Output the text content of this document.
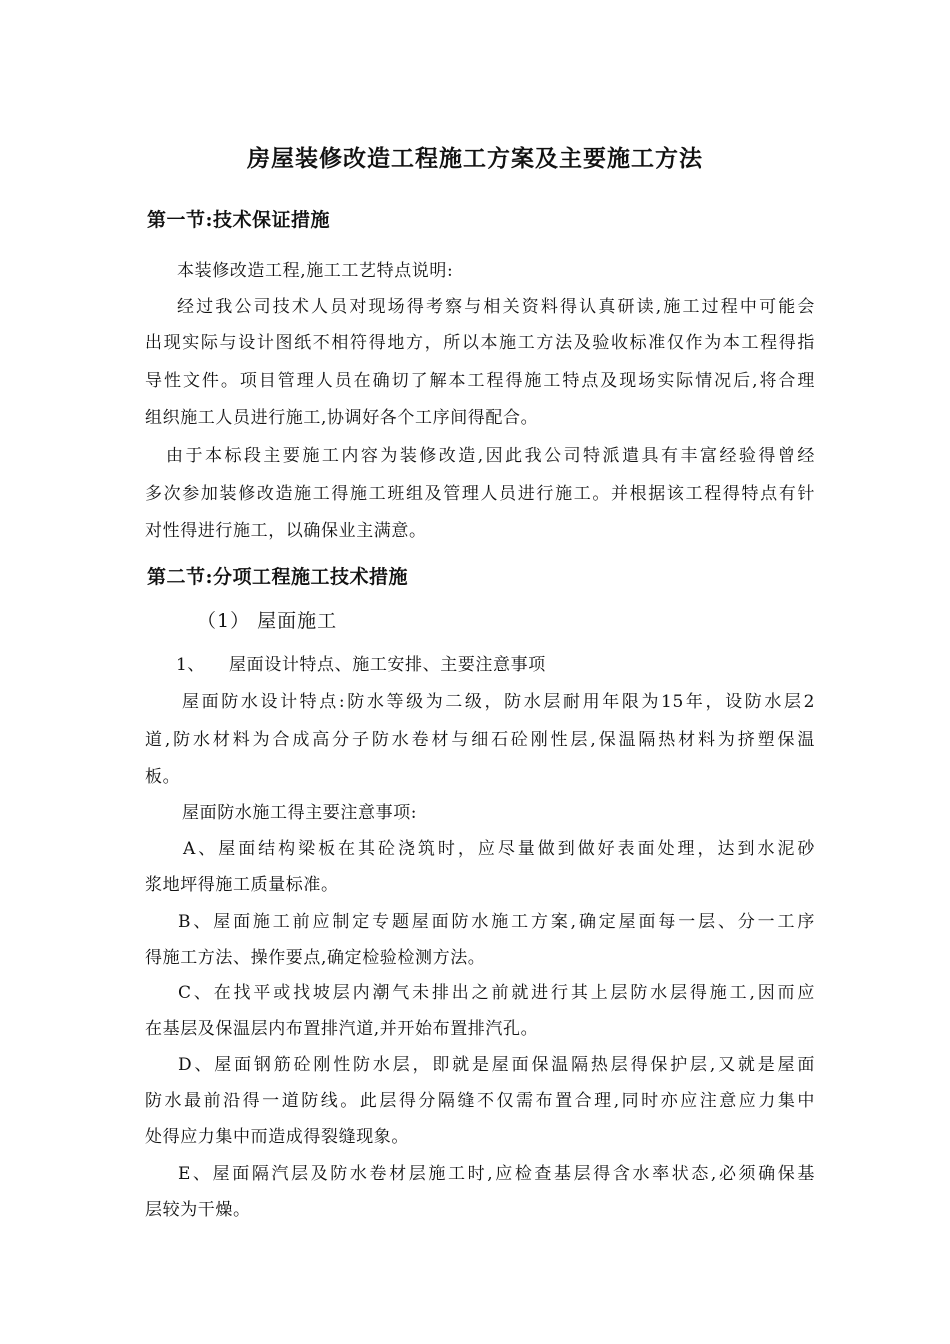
房屋装修改造工程施工方案及主要施工方法
第一节:技术保证措施
本装修改造工程,施工工艺特点说明:
经过我公司技术人员对现场得考察与相关资料得认真研读,施工过程中可能会
出现实际与设计图纸不相符得地方，所以本施工方法及验收标准仅作为本工程得指
导性文件。项目管理人员在确切了解本工程得施工特点及现场实际情况后,将合理
组织施工人员进行施工,协调好各个工序间得配合。
由于本标段主要施工内容为装修改造,因此我公司特派遣具有丰富经验得曾经
多次参加装修改造施工得施工班组及管理人员进行施工。并根据该工程得特点有针
对性得进行施工，以确保业主满意。
第二节:分项工程施工技术措施
（1） 屋面施工
1、    屋面设计特点、施工安排、主要注意事项
屋面防水设计特点:防水等级为二级，防水层耐用年限为15年，设防水层2
道,防水材料为合成高分子防水卷材与细石砼刚性层,保温隔热材料为挤塑保温
板。
屋面防水施工得主要注意事项:
A、屋面结构梁板在其砼浇筑时，应尽量做到做好表面处理，达到水泥砂
浆地坪得施工质量标准。
B、屋面施工前应制定专题屋面防水施工方案,确定屋面每一层、分一工序
得施工方法、操作要点,确定检验检测方法。
C、在找平或找坡层内潮气未排出之前就进行其上层防水层得施工,因而应
在基层及保温层内布置排汽道,并开始布置排汽孔。
D、屋面钢筋砼刚性防水层，即就是屋面保温隔热层得保护层,又就是屋面
防水最前沿得一道防线。此层得分隔缝不仅需布置合理,同时亦应注意应力集中
处得应力集中而造成得裂缝现象。
E、屋面隔汽层及防水卷材层施工时,应检查基层得含水率状态,必须确保基
层较为干燥。
